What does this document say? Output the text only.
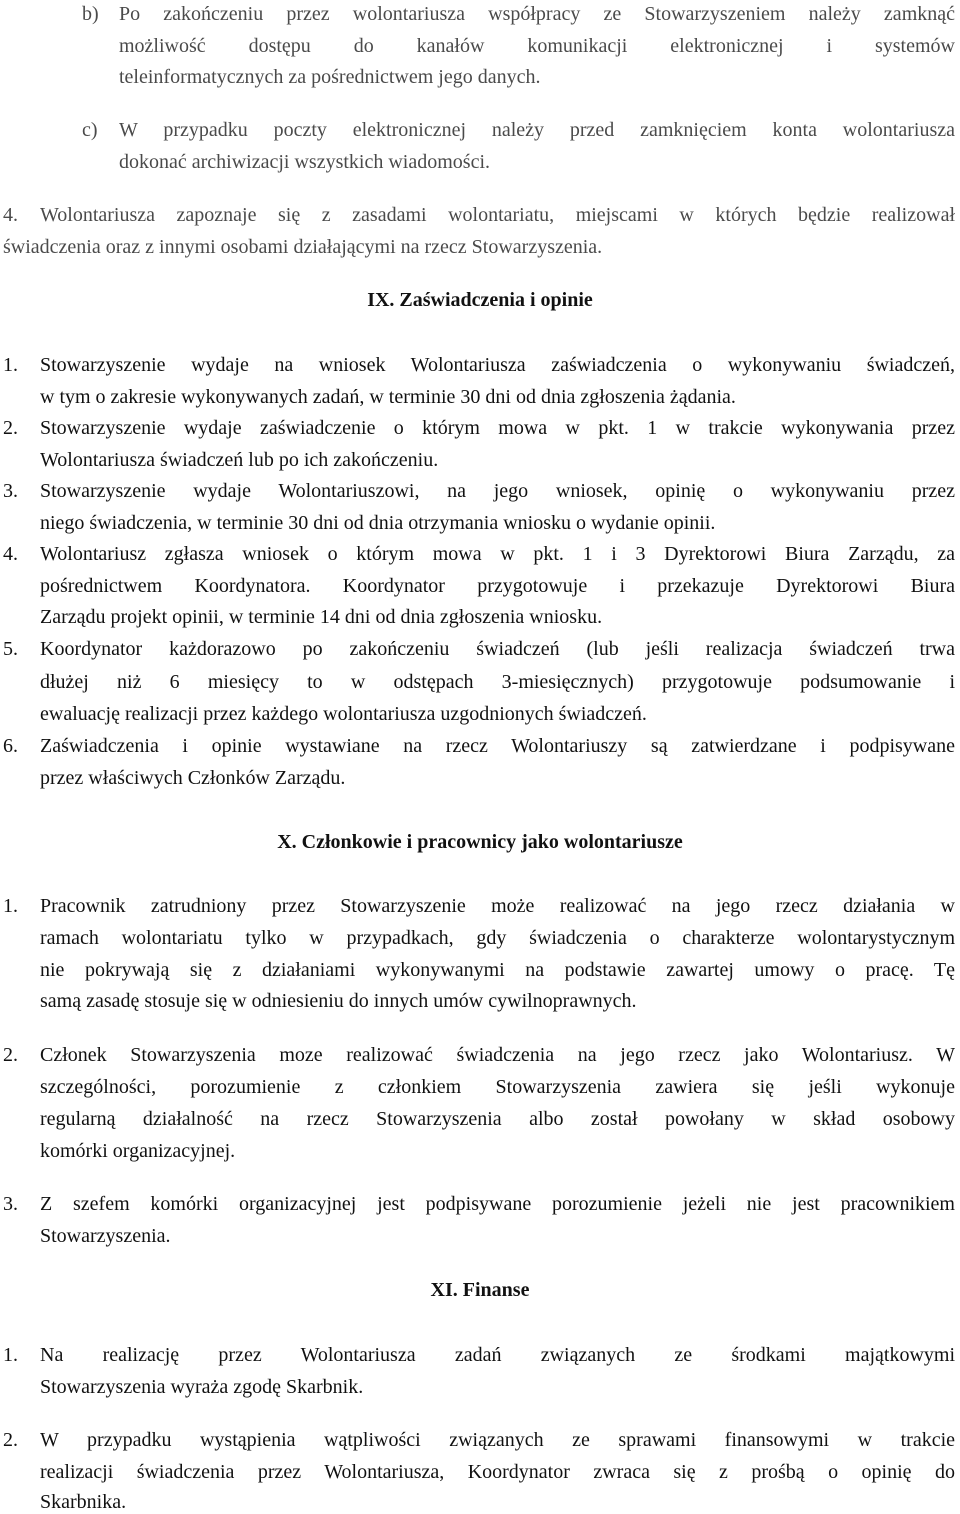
b) Po zakończeniu przez wolontariusza współpracy ze Stowarzyszeniem należy zamknąć
możliwość dostępu do kanałów komunikacji elektronicznej i systemów
teleinformatycznych za pośrednictwem jego danych.
c) W przypadku poczty elektronicznej należy przed zamknięciem konta wolontariusza
dokonać archiwizacji wszystkich wiadomości.
4. Wolontariusza zapoznaje się z zasadami wolontariatu, miejscami w których będzie realizował
świadczenia oraz z innymi osobami działającymi na rzecz Stowarzyszenia.
IX. Zaświadczenia i opinie
1. Stowarzyszenie wydaje na wniosek Wolontariusza zaświadczenia o wykonywaniu świadczeń,
w tym o zakresie wykonywanych zadań, w terminie 30 dni od dnia zgłoszenia żądania.
2. Stowarzyszenie wydaje zaświadczenie o którym mowa w pkt. 1 w trakcie wykonywania przez
Wolontariusza świadczeń lub po ich zakończeniu.
3. Stowarzyszenie wydaje Wolontariuszowi, na jego wniosek, opinię o wykonywaniu przez
niego świadczenia, w terminie 30 dni od dnia otrzymania wniosku o wydanie opinii.
4. Wolontariusz zgłasza wniosek o którym mowa w pkt. 1 i 3 Dyrektorowi Biura Zarządu, za
pośrednictwem Koordynatora. Koordynator przygotowuje i przekazuje Dyrektorowi Biura
Zarządu projekt opinii, w terminie 14 dni od dnia zgłoszenia wniosku.
5. Koordynator każdorazowo po zakończeniu świadczeń (lub jeśli realizacja świadczeń trwa
dłużej niż 6 miesięcy to w odstępach 3-miesięcznych) przygotowuje podsumowanie i
ewaluację realizacji przez każdego wolontariusza uzgodnionych świadczeń.
6. Zaświadczenia i opinie wystawiane na rzecz Wolontariuszy są zatwierdzane i podpisywane
przez właściwych Członków Zarządu.
X. Członkowie i pracownicy jako wolontariusze
1. Pracownik zatrudniony przez Stowarzyszenie może realizować na jego rzecz działania w
ramach wolontariatu tylko w przypadkach, gdy świadczenia o charakterze wolontarystycznym
nie pokrywają się z działaniami wykonywanymi na podstawie zawartej umowy o pracę. Tę
samą zasadę stosuje się w odniesieniu do innych umów cywilnoprawnych.
2. Członek Stowarzyszenia moze realizować świadczenia na jego rzecz jako Wolontariusz. W
szczególności, porozumienie z członkiem Stowarzyszenia zawiera się jeśli wykonuje
regularną działalność na rzecz Stowarzyszenia albo został powołany w skład osobowy
komórki organizacyjnej.
3. Z szefem komórki organizacyjnej jest podpisywane porozumienie jeżeli nie jest pracownikiem
Stowarzyszenia.
XI. Finanse
1. Na realizację przez Wolontariusza zadań związanych ze środkami majątkowymi
Stowarzyszenia wyraża zgodę Skarbnik.
2. W przypadku wystąpienia wątpliwości związanych ze sprawami finansowymi w trakcie
realizacji świadczenia przez Wolontariusza, Koordynator zwraca się z prośbą o opinię do
Skarbnika.
